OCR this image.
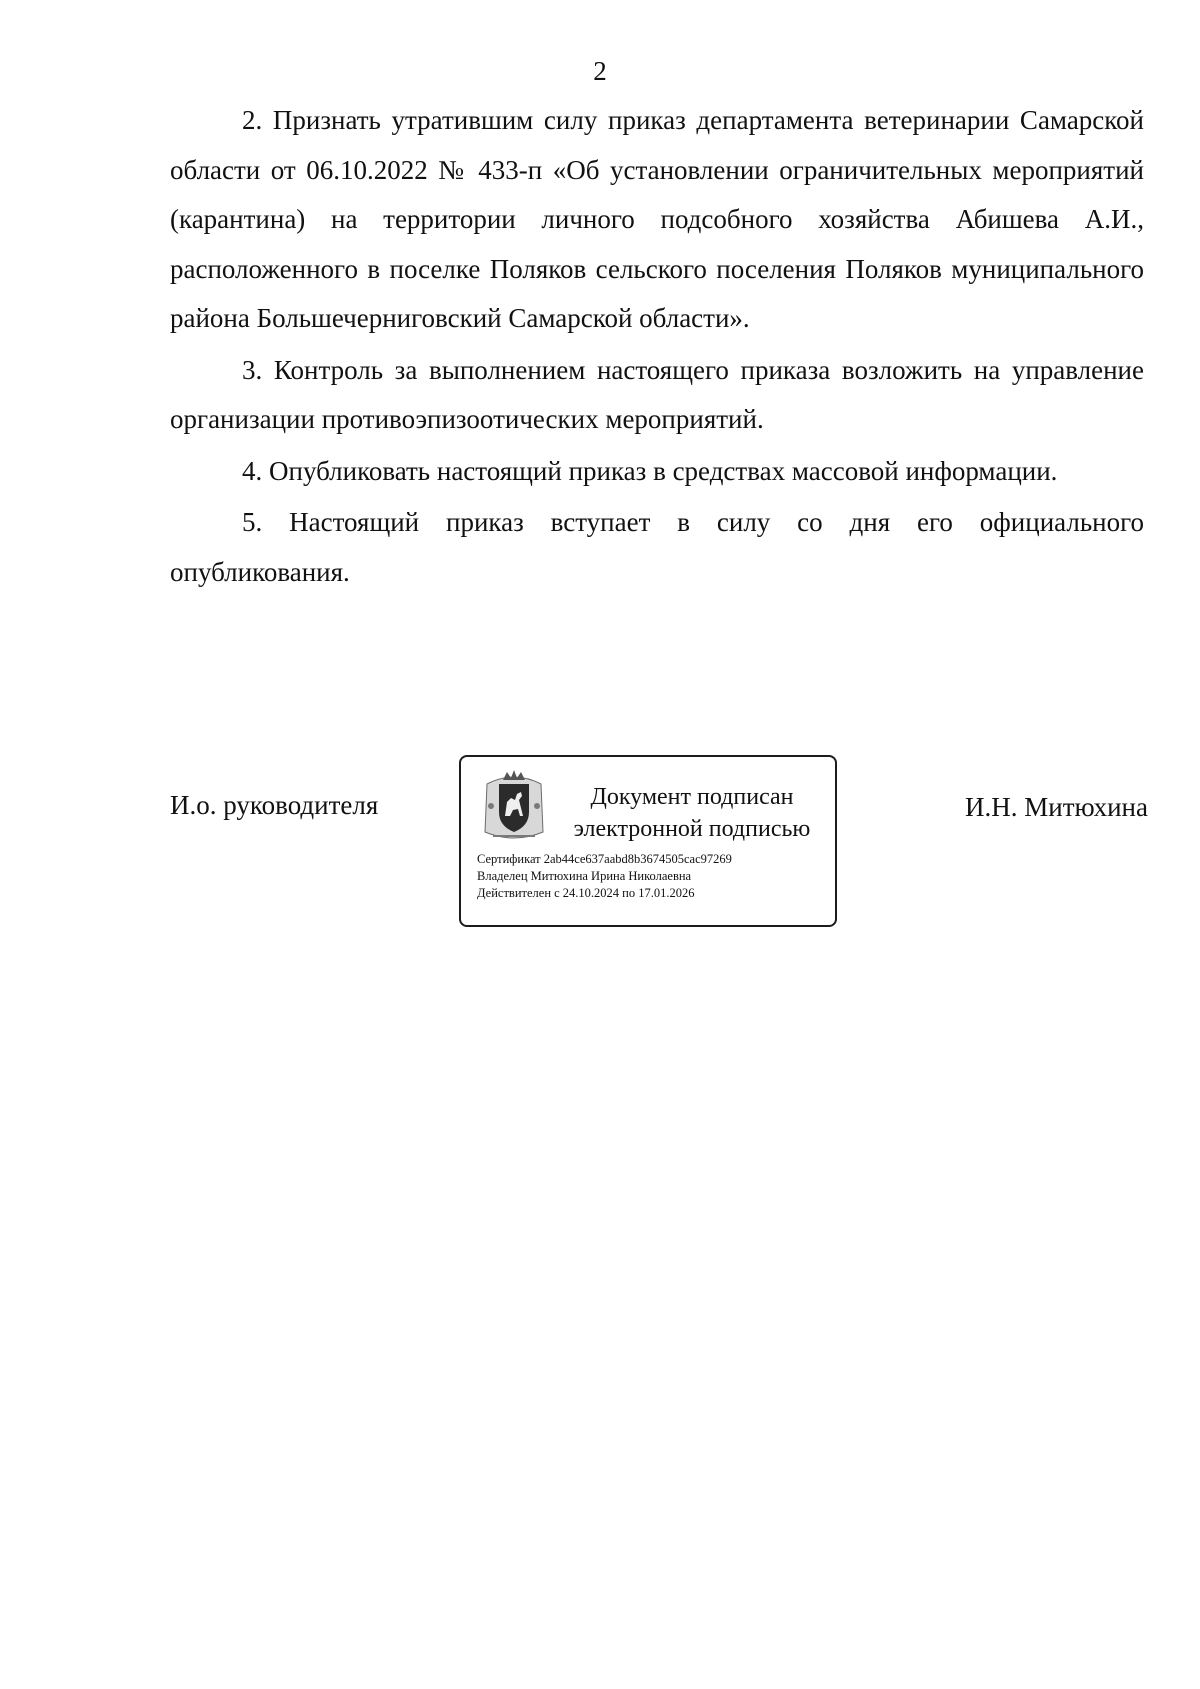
2

2. Признать утратившим силу приказ департамента ветеринарии Самарской области от 06.10.2022 № 433-п «Об установлении ограничительных мероприятий (карантина) на территории личного подсобного хозяйства Абишева А.И., расположенного в поселке Поляков сельского поселения Поляков муниципального района Большечерниговский Самарской области».

3. Контроль за выполнением настоящего приказа возложить на управление организации противоэпизоотических мероприятий.

4. Опубликовать настоящий приказ в средствах массовой информации.

5. Настоящий приказ вступает в силу со дня его официального опубликования.

И.о. руководителя	Документ подписан
электронной подписью
Сертификат 2ab44ce637aabd8b3674505cac97269
Владелец Митюхина Ирина Николаевна
Действителен с 24.10.2024 по 17.01.2026
И.Н. Митюхина
